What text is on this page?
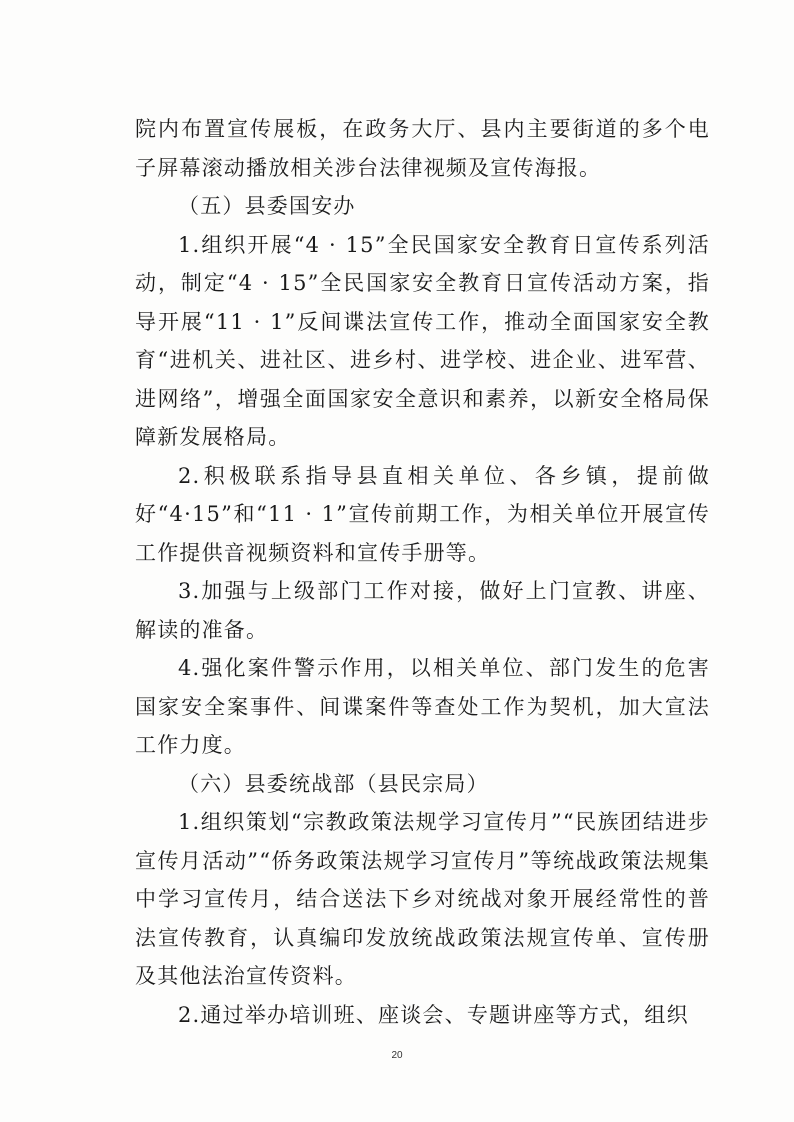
院内布置宣传展板，在政务大厅、县内主要街道的多个电子屏幕滚动播放相关涉台法律视频及宣传海报。

（五）县委国安办

1.组织开展“4 · 15”全民国家安全教育日宣传系列活动，制定“4 · 15”全民国家安全教育日宣传活动方案，指导开展“11 · 1”反间谍法宣传工作，推动全面国家安全教育“进机关、进社区、进乡村、进学校、进企业、进军营、进网络”，增强全面国家安全意识和素养，以新安全格局保障新发展格局。

2.积极联系指导县直相关单位、各乡镇，提前做好“4·15”和“11 · 1”宣传前期工作，为相关单位开展宣传工作提供音视频资料和宣传手册等。

3.加强与上级部门工作对接，做好上门宣教、讲座、解读的准备。

4.强化案件警示作用，以相关单位、部门发生的危害国家安全案事件、间谍案件等查处工作为契机，加大宣法工作力度。

（六）县委统战部（县民宗局）

1.组织策划“宗教政策法规学习宣传月”“民族团结进步宣传月活动”“侨务政策法规学习宣传月”等统战政策法规集中学习宣传月，结合送法下乡对统战对象开展经常性的普法宣传教育，认真编印发放统战政策法规宣传单、宣传册及其他法治宣传资料。

2.通过举办培训班、座谈会、专题讲座等方式，组织

20
